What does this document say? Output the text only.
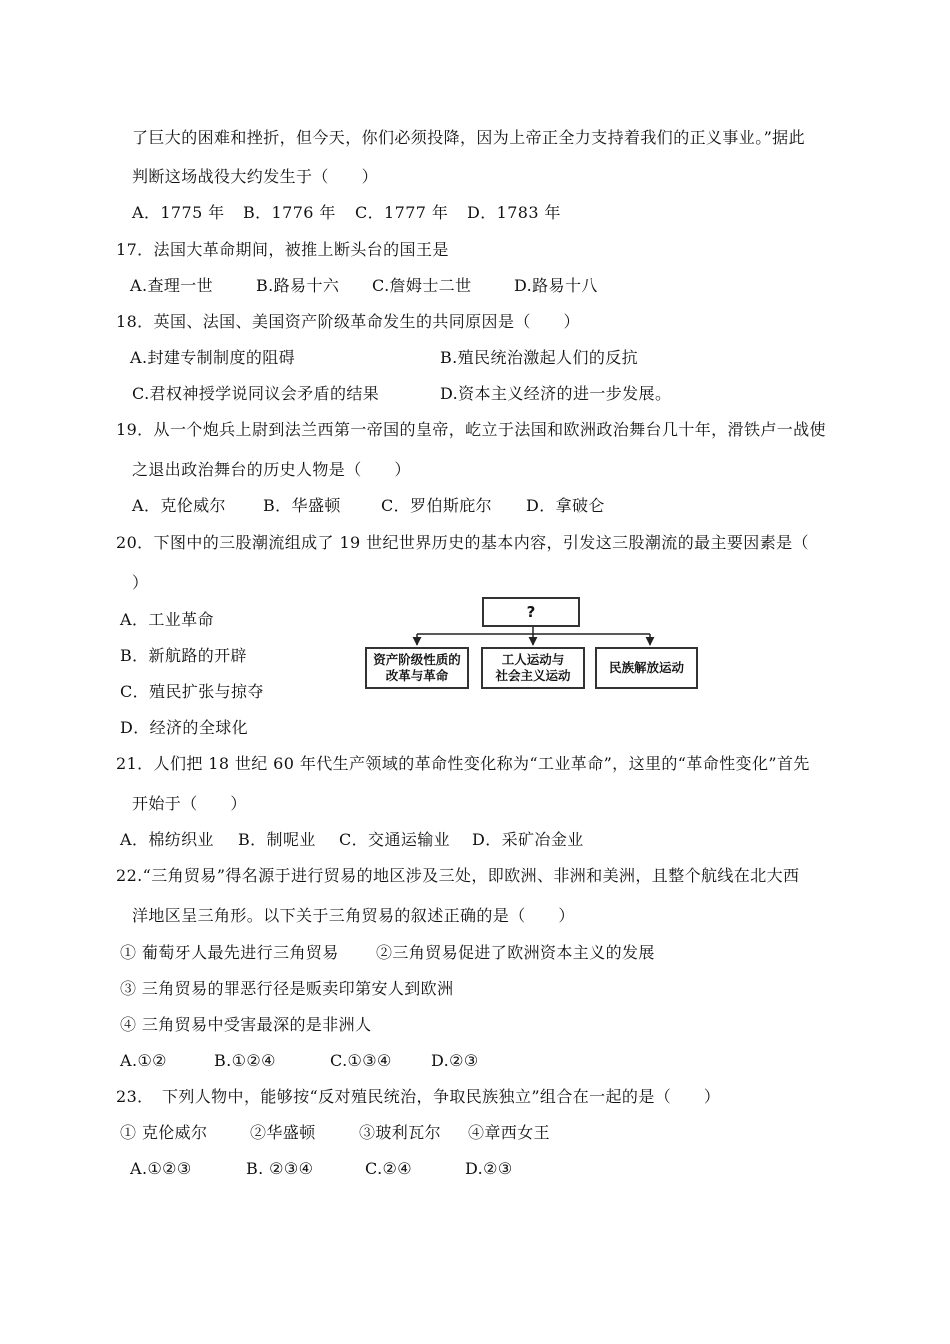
了巨大的困难和挫折，但今天，你们必须投降，因为上帝正全力支持着我们的正义事业。”据此
判断这场战役大约发生于（　　）
A．1775 年 B．1776 年 C．1777 年 D．1783 年
17．法国大革命期间，被推上断头台的国王是
A.查理一世	B.路易十六 C.詹姆士二世	D.路易十八
18．英国、法国、美国资产阶级革命发生的共同原因是（　　）
A.封建专制制度的阻碍	B.殖民统治激起人们的反抗
C.君权神授学说同议会矛盾的结果	D.资本主义经济的进一步发展。
19．从一个炮兵上尉到法兰西第一帝国的皇帝，屹立于法国和欧洲政治舞台几十年，滑铁卢一战使
之退出政治舞台的历史人物是（　　）
A．克伦威尔 B．华盛顿	C．罗伯斯庇尔 D．拿破仑
20．下图中的三股潮流组成了 19 世纪世界历史的基本内容，引发这三股潮流的最主要因素是（
）
A．工业革命
B．新航路的开辟
C．殖民扩张与掠夺
D．经济的全球化
?
资产阶级性质的
改革与革命
工人运动与
社会主义运动
民族解放运动
21．人们把 18 世纪 60 年代生产领域的革命性变化称为“工业革命”，这里的“革命性变化”首先
开始于（　　）
A．棉纺织业 B．制呢业 C．交通运输业 D．采矿冶金业
22.“三角贸易”得名源于进行贸易的地区涉及三处，即欧洲、非洲和美洲，且整个航线在北大西
洋地区呈三角形。以下关于三角贸易的叙述正确的是（　　）
① 葡萄牙人最先进行三角贸易 ②三角贸易促进了欧洲资本主义的发展
③ 三角贸易的罪恶行径是贩卖印第安人到欧洲
④ 三角贸易中受害最深的是非洲人
A.①②	B.①②④	C.①③④ D.②③
23．　下列人物中，能够按“反对殖民统治，争取民族独立”组合在一起的是（　　）
① 克伦威尔	②华盛顿	③玻利瓦尔 ④章西女王
A.①②③	B. ②③④	C.②④	D.②③
